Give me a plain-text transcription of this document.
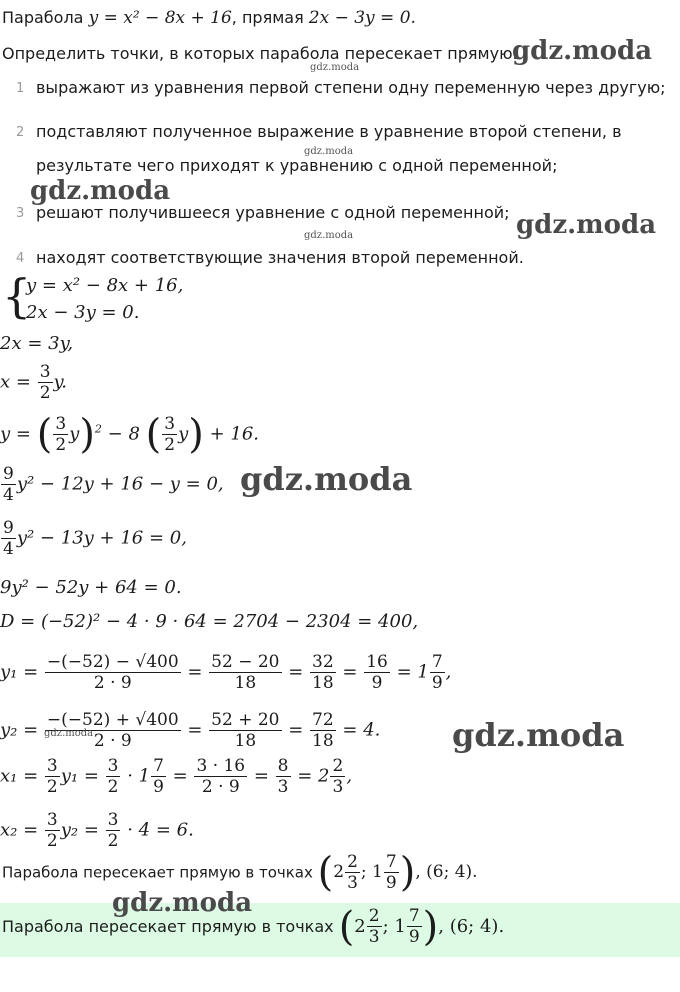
Парабола y = x² − 8x + 16, прямая 2x − 3y = 0.
Определить точки, в которых парабола пересекает прямую.
1 выражают из уравнения первой степени одну переменную через другую;
2 подставляют полученное выражение в уравнение второй степени, в
результате чего приходят к уравнению с одной переменной;
3 решают получившееся уравнение с одной переменной;
4 находят соответствующие значения второй переменной.
{
y = x² − 8x + 16,
2x − 3y = 0.
2x = 3y,
$x = \frac{3}{2} y$.
y = ( $\frac{3}{2} y)^2 - 8$ ( $\frac{3}{2} y) + 16$.
$\frac{9}{4} y^2 - 12y + 16 - y = 0$,
$\frac{9}{4} y^2 - 13y + 16 = 0$,
9y² − 52y + 64 = 0.
D = (−52)² − 4 · 9 · 64 = 2704 − 2304 = 400,
$y_1 = \frac{-(-52) - √400}{2 \cdot 9} = \frac{52 - 20}{18} = \frac{32}{18} = \frac{16}{9} = 1 \frac{7}{9}$ ,
$y_2 = \frac{-(-52) + √400}{2 \cdot 9} = \frac{52 + 20}{18} = \frac{72}{18} = 4$.
$x_1 = \frac{3}{2} y_1 = \frac{3}{2} \cdot 1 \frac{7}{9} = \frac{3 \cdot 16}{2 \cdot 9} = \frac{8}{3} = 2 \frac{2}{3}$ ,
$x_2 = \frac{3}{2} y_2 = \frac{3}{2} \cdot 4 = 6$.
Парабола пересекает прямую в точках ($2 \frac{2}{3}$ ; $1 \frac{7}{9}$ ), (6; 4).
Парабола пересекает прямую в точках ($2 \frac{2}{3}$ ; $1 \frac{7}{9}$ ), (6; 4).
gdz.moda
gdz.moda
gdz.moda
gdz.moda
gdz.moda
gdz.moda
gdz.moda
gdz.moda
gdz.moda
gdz.moda
